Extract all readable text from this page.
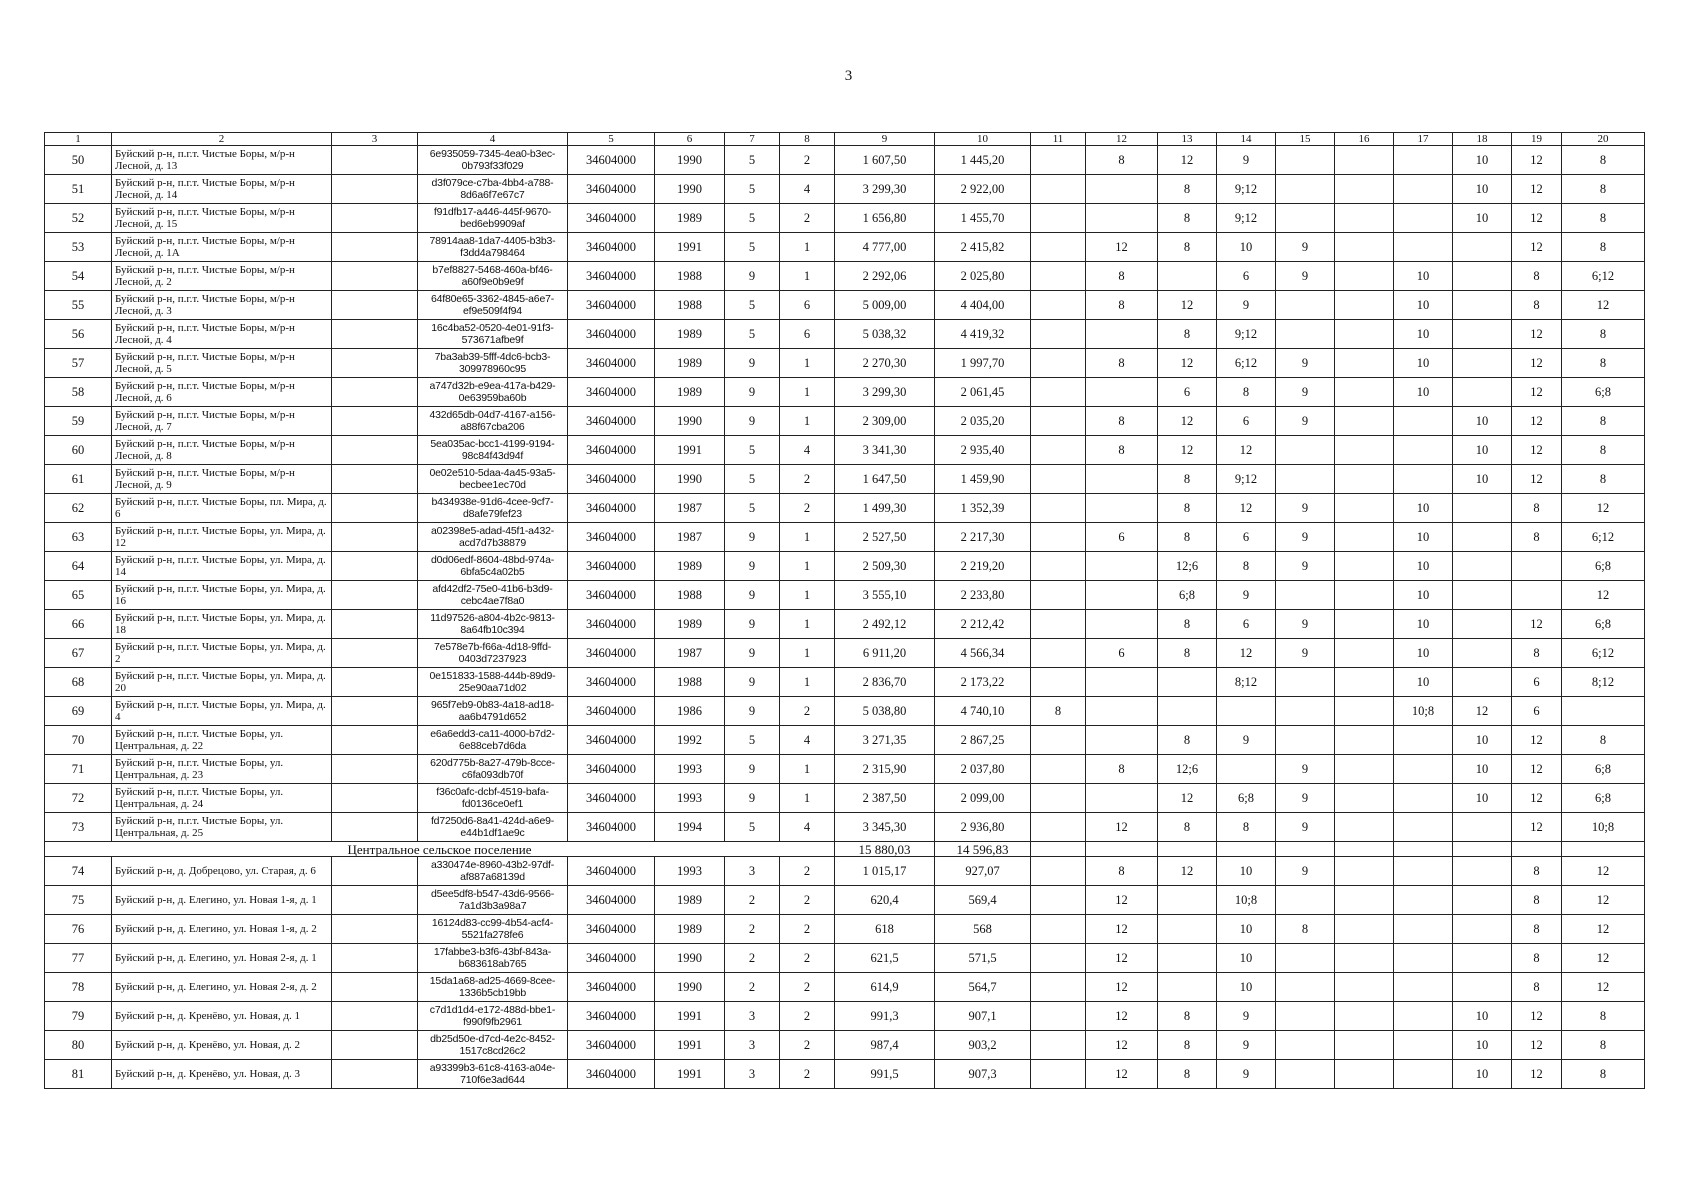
3
1	2	3	4	5	6	7	8	9	10	11	12	13	14	15	16	17	18	19	20
50	Буйский р-н, п.г.т. Чистые Боры, м/р-н Лесной, д. 13		6e935059-7345-4ea0-b3ec-0b793f33f029	34604000	1990	5	2	1 607,50	1 445,20		8	12	9				10	12	8
51	Буйский р-н, п.г.т. Чистые Боры, м/р-н Лесной, д. 14		d3f079ce-c7ba-4bb4-a788-8d6a6f7e67c7	34604000	1990	5	4	3 299,30	2 922,00			8	9;12				10	12	8
52	Буйский р-н, п.г.т. Чистые Боры, м/р-н Лесной, д. 15		f91dfb17-a446-445f-9670-bed6eb9909af	34604000	1989	5	2	1 656,80	1 455,70			8	9;12				10	12	8
53	Буйский р-н, п.г.т. Чистые Боры, м/р-н Лесной, д. 1А		78914aa8-1da7-4405-b3b3-f3dd4a798464	34604000	1991	5	1	4 777,00	2 415,82		12	8	10	9				12	8
54	Буйский р-н, п.г.т. Чистые Боры, м/р-н Лесной, д. 2		b7ef8827-5468-460a-bf46-a60f9e0b9e9f	34604000	1988	9	1	2 292,06	2 025,80		8		6	9		10		8	6;12
55	Буйский р-н, п.г.т. Чистые Боры, м/р-н Лесной, д. 3		64f80e65-3362-4845-a6e7-ef9e509f4f94	34604000	1988	5	6	5 009,00	4 404,00		8	12	9			10		8	12
56	Буйский р-н, п.г.т. Чистые Боры, м/р-н Лесной, д. 4		16c4ba52-0520-4e01-91f3-573671afbe9f	34604000	1989	5	6	5 038,32	4 419,32			8	9;12			10		12	8
57	Буйский р-н, п.г.т. Чистые Боры, м/р-н Лесной, д. 5		7ba3ab39-5fff-4dc6-bcb3-309978960c95	34604000	1989	9	1	2 270,30	1 997,70		8	12	6;12	9		10		12	8
58	Буйский р-н, п.г.т. Чистые Боры, м/р-н Лесной, д. 6		a747d32b-e9ea-417a-b429-0e63959ba60b	34604000	1989	9	1	3 299,30	2 061,45			6	8	9		10		12	6;8
59	Буйский р-н, п.г.т. Чистые Боры, м/р-н Лесной, д. 7		432d65db-04d7-4167-a156-a88f67cba206	34604000	1990	9	1	2 309,00	2 035,20		8	12	6	9			10	12	8
60	Буйский р-н, п.г.т. Чистые Боры, м/р-н Лесной, д. 8		5ea035ac-bcc1-4199-9194-98c84f43d94f	34604000	1991	5	4	3 341,30	2 935,40		8	12	12				10	12	8
61	Буйский р-н, п.г.т. Чистые Боры, м/р-н Лесной, д. 9		0e02e510-5daa-4a45-93a5-becbee1ec70d	34604000	1990	5	2	1 647,50	1 459,90			8	9;12				10	12	8
62	Буйский р-н, п.г.т. Чистые Боры, пл. Мира, д. 6		b434938e-91d6-4cee-9cf7-d8afe79fef23	34604000	1987	5	2	1 499,30	1 352,39			8	12	9		10		8	12
63	Буйский р-н, п.г.т. Чистые Боры, ул. Мира, д. 12		a02398e5-adad-45f1-a432-acd7d7b38879	34604000	1987	9	1	2 527,50	2 217,30		6	8	6	9		10		8	6;12
64	Буйский р-н, п.г.т. Чистые Боры, ул. Мира, д. 14		d0d06edf-8604-48bd-974a-6bfa5c4a02b5	34604000	1989	9	1	2 509,30	2 219,20			12;6	8	9		10			6;8
65	Буйский р-н, п.г.т. Чистые Боры, ул. Мира, д. 16		afd42df2-75e0-41b6-b3d9-cebc4ae7f8a0	34604000	1988	9	1	3 555,10	2 233,80			6;8	9			10			12
66	Буйский р-н, п.г.т. Чистые Боры, ул. Мира, д. 18		11d97526-a804-4b2c-9813-8a64fb10c394	34604000	1989	9	1	2 492,12	2 212,42			8	6	9		10		12	6;8
67	Буйский р-н, п.г.т. Чистые Боры, ул. Мира, д. 2		7e578e7b-f66a-4d18-9ffd-0403d7237923	34604000	1987	9	1	6 911,20	4 566,34		6	8	12	9		10		8	6;12
68	Буйский р-н, п.г.т. Чистые Боры, ул. Мира, д. 20		0e151833-1588-444b-89d9-25e90aa71d02	34604000	1988	9	1	2 836,70	2 173,22				8;12			10		6	8;12
69	Буйский р-н, п.г.т. Чистые Боры, ул. Мира, д. 4		965f7eb9-0b83-4a18-ad18-aa6b4791d652	34604000	1986	9	2	5 038,80	4 740,10	8						10;8	12	6	
70	Буйский р-н, п.г.т. Чистые Боры, ул. Центральная, д. 22		e6a6edd3-ca11-4000-b7d2-6e88ceb7d6da	34604000	1992	5	4	3 271,35	2 867,25			8	9				10	12	8
71	Буйский р-н, п.г.т. Чистые Боры, ул. Центральная, д. 23		620d775b-8a27-479b-8cce-c6fa093db70f	34604000	1993	9	1	2 315,90	2 037,80		8	12;6		9			10	12	6;8
72	Буйский р-н, п.г.т. Чистые Боры, ул. Центральная, д. 24		f36c0afc-dcbf-4519-bafa-fd0136ce0ef1	34604000	1993	9	1	2 387,50	2 099,00			12	6;8	9			10	12	6;8
73	Буйский р-н, п.г.т. Чистые Боры, ул. Центральная, д. 25		fd7250d6-8a41-424d-a6e9-e44b1df1ae9c	34604000	1994	5	4	3 345,30	2 936,80		12	8	8	9				12	10;8
Центральное сельское поселение								15 880,03	14 596,83										
74	Буйский р-н, д. Добрецово, ул. Старая, д. 6		a330474e-8960-43b2-97df-af887a68139d	34604000	1993	3	2	1 015,17	927,07		8	12	10	9				8	12
75	Буйский р-н, д. Елегино, ул. Новая 1-я, д. 1		d5ee5df8-b547-43d6-9566-7a1d3b3a98a7	34604000	1989	2	2	620,4	569,4		12		10;8					8	12
76	Буйский р-н, д. Елегино, ул. Новая 1-я, д. 2		16124d83-cc99-4b54-acf4-5521fa278fe6	34604000	1989	2	2	618	568		12		10	8				8	12
77	Буйский р-н, д. Елегино, ул. Новая 2-я, д. 1		17fabbe3-b3f6-43bf-843a-b683618ab765	34604000	1990	2	2	621,5	571,5		12		10					8	12
78	Буйский р-н, д. Елегино, ул. Новая 2-я, д. 2		15da1a68-ad25-4669-8cee-1336b5cb19bb	34604000	1990	2	2	614,9	564,7		12		10					8	12
79	Буйский р-н, д. Кренёво, ул. Новая, д. 1		c7d1d1d4-e172-488d-bbe1-f990f9fb2961	34604000	1991	3	2	991,3	907,1		12	8	9				10	12	8
80	Буйский р-н, д. Кренёво, ул. Новая, д. 2		db25d50e-d7cd-4e2c-8452-1517c8cd26c2	34604000	1991	3	2	987,4	903,2		12	8	9				10	12	8
81	Буйский р-н, д. Кренёво, ул. Новая, д. 3		a93399b3-61c8-4163-a04e-710f6e3ad644	34604000	1991	3	2	991,5	907,3		12	8	9				10	12	8
